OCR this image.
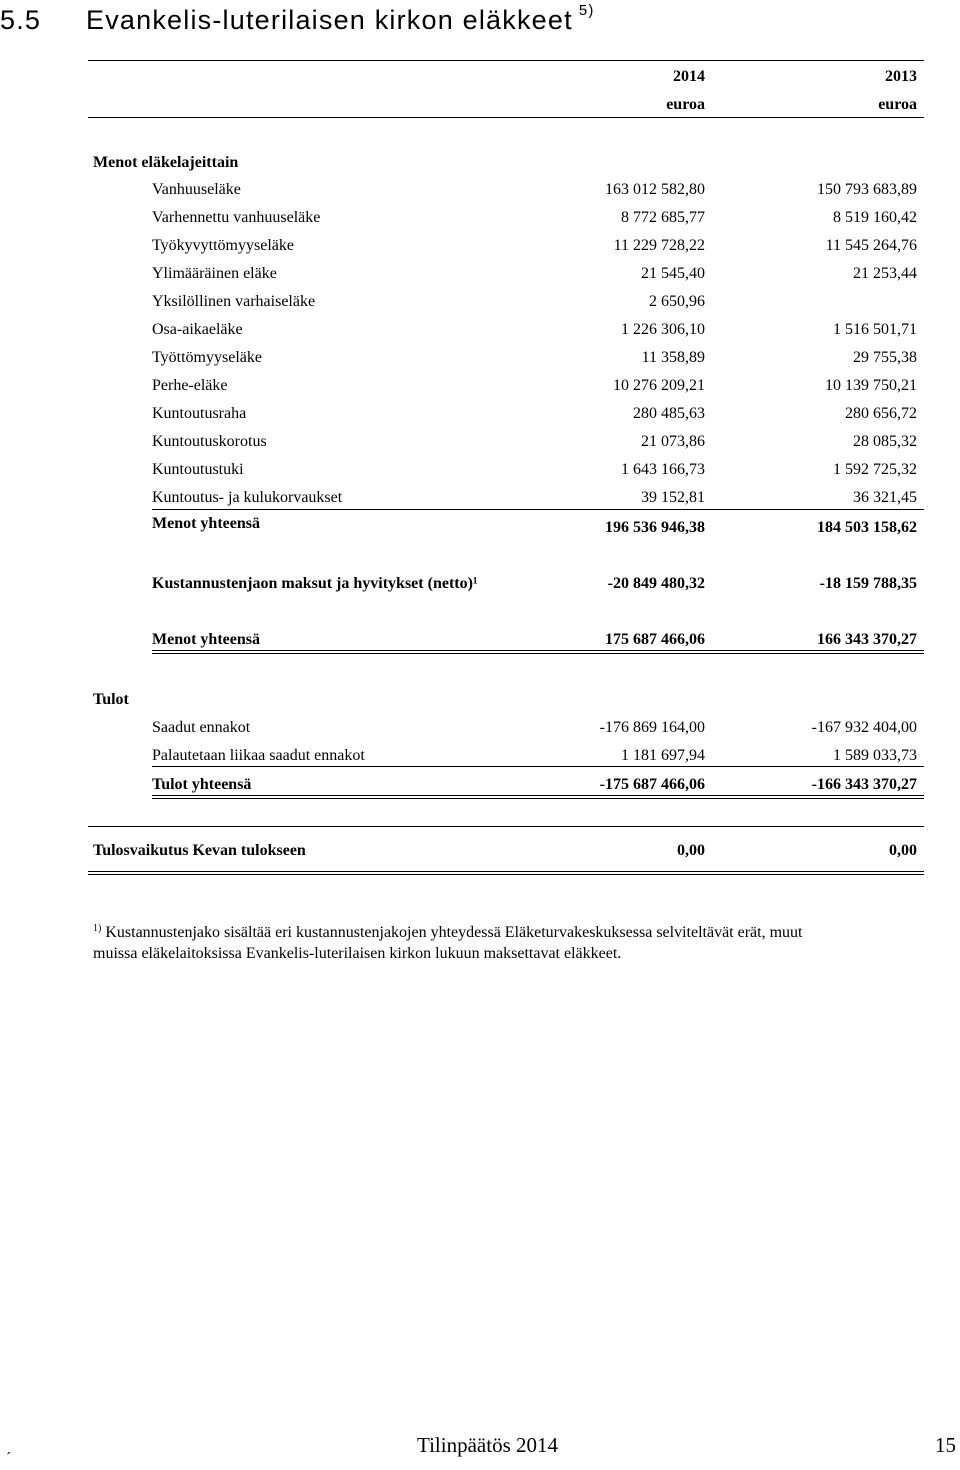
5.5 Evankelis-luterilaisen kirkon eläkkeet $^{5)}$
2014	2013
euroa	euroa
Menot eläkelajeittain
Vanhuuseläke	163 012 582,80	150 793 683,89
Varhennettu vanhuuseläke	8 772 685,77	8 519 160,42
Työkyvyttömyyseläke	11 229 728,22	11 545 264,76
Ylimääräinen eläke	21 545,40	21 253,44
Yksilöllinen varhaiseläke	2 650,96
Osa-aikaeläke	1 226 306,10	1 516 501,71
Työttömyyseläke	11 358,89	29 755,38
Perhe-eläke	10 276 209,21	10 139 750,21
Kuntoutusraha	280 485,63	280 656,72
Kuntoutuskorotus	21 073,86	28 085,32
Kuntoutustuki	1 643 166,73	1 592 725,32
Kuntoutus- ja kulukorvaukset	39 152,81	36 321,45
Menot yhteensä	196 536 946,38	184 503 158,62
Kustannustenjaon maksut ja hyvitykset (netto)¹	-20 849 480,32	-18 159 788,35
Menot yhteensä	175 687 466,06	166 343 370,27
Tulot
Saadut ennakot	-176 869 164,00	-167 932 404,00
Palautetaan liikaa saadut ennakot	1 181 697,94	1 589 033,73
Tulot yhteensä	-175 687 466,06	-166 343 370,27
Tulosvaikutus Kevan tulokseen	0,00	0,00
$^{1)}$ Kustannustenjako sisältää eri kustannustenjakojen yhteydessä Eläketurvakeskuksessa selviteltävät erät, muut
muissa eläkelaitoksissa Evankelis-luterilaisen kirkon lukuun maksettavat eläkkeet.
Tilinpäätös 2014	15
´
